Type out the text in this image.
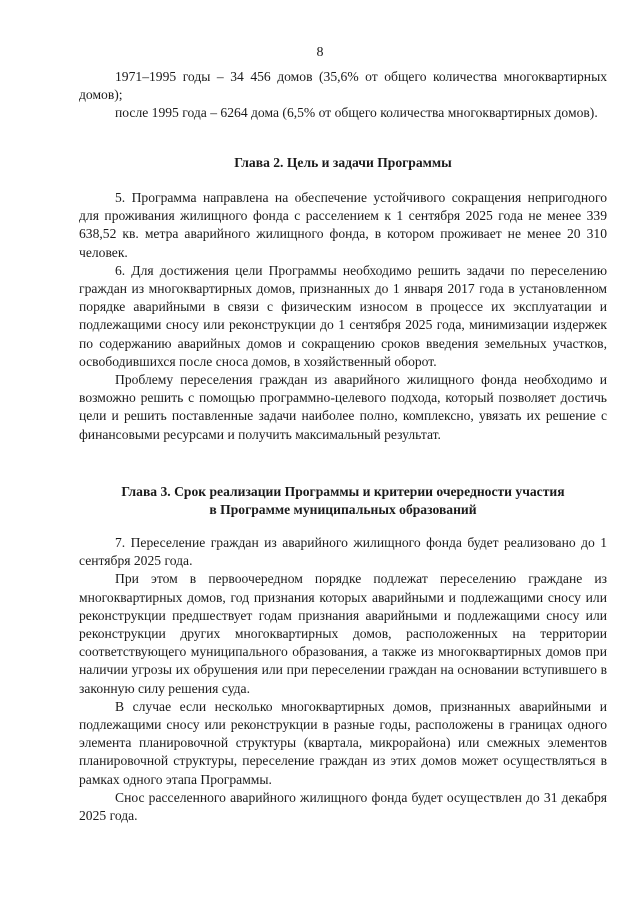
8

1971–1995 годы – 34 456 домов (35,6% от общего количества многоквартирных домов);

после 1995 года – 6264 дома (6,5% от общего количества многоквартирных домов).

Глава 2. Цель и задачи Программы

5. Программа направлена на обеспечение устойчивого сокращения непригодного для проживания жилищного фонда с расселением к 1 сентября 2025 года не менее 339 638,52 кв. метра аварийного жилищного фонда, в котором проживает не менее 20 310 человек.

6. Для достижения цели Программы необходимо решить задачи по переселению граждан из многоквартирных домов, признанных до 1 января 2017 года в установленном порядке аварийными в связи с физическим износом в процессе их эксплуатации и подлежащими сносу или реконструкции до 1 сентября 2025 года, минимизации издержек по содержанию аварийных домов и сокращению сроков введения земельных участков, освободившихся после сноса домов, в хозяйственный оборот.

Проблему переселения граждан из аварийного жилищного фонда необходимо и возможно решить с помощью программно-целевого подхода, который позволяет достичь цели и решить поставленные задачи наиболее полно, комплексно, увязать их решение с финансовыми ресурсами и получить максимальный результат.

Глава 3. Срок реализации Программы и критерии очередности участия

в Программе муниципальных образований

7. Переселение граждан из аварийного жилищного фонда будет реализовано до 1 сентября 2025 года.

При этом в первоочередном порядке подлежат переселению граждане из многоквартирных домов, год признания которых аварийными и подлежащими сносу или реконструкции предшествует годам признания аварийными и подлежащими сносу или реконструкции других многоквартирных домов, расположенных на территории соответствующего муниципального образования, а также из многоквартирных домов при наличии угрозы их обрушения или при переселении граждан на основании вступившего в законную силу решения суда.

В случае если несколько многоквартирных домов, признанных аварийными и подлежащими сносу или реконструкции в разные годы, расположены в границах одного элемента планировочной структуры (квартала, микрорайона) или смежных элементов планировочной структуры, переселение граждан из этих домов может осуществляться в рамках одного этапа Программы.

Снос расселенного аварийного жилищного фонда будет осуществлен до 31 декабря 2025 года.
